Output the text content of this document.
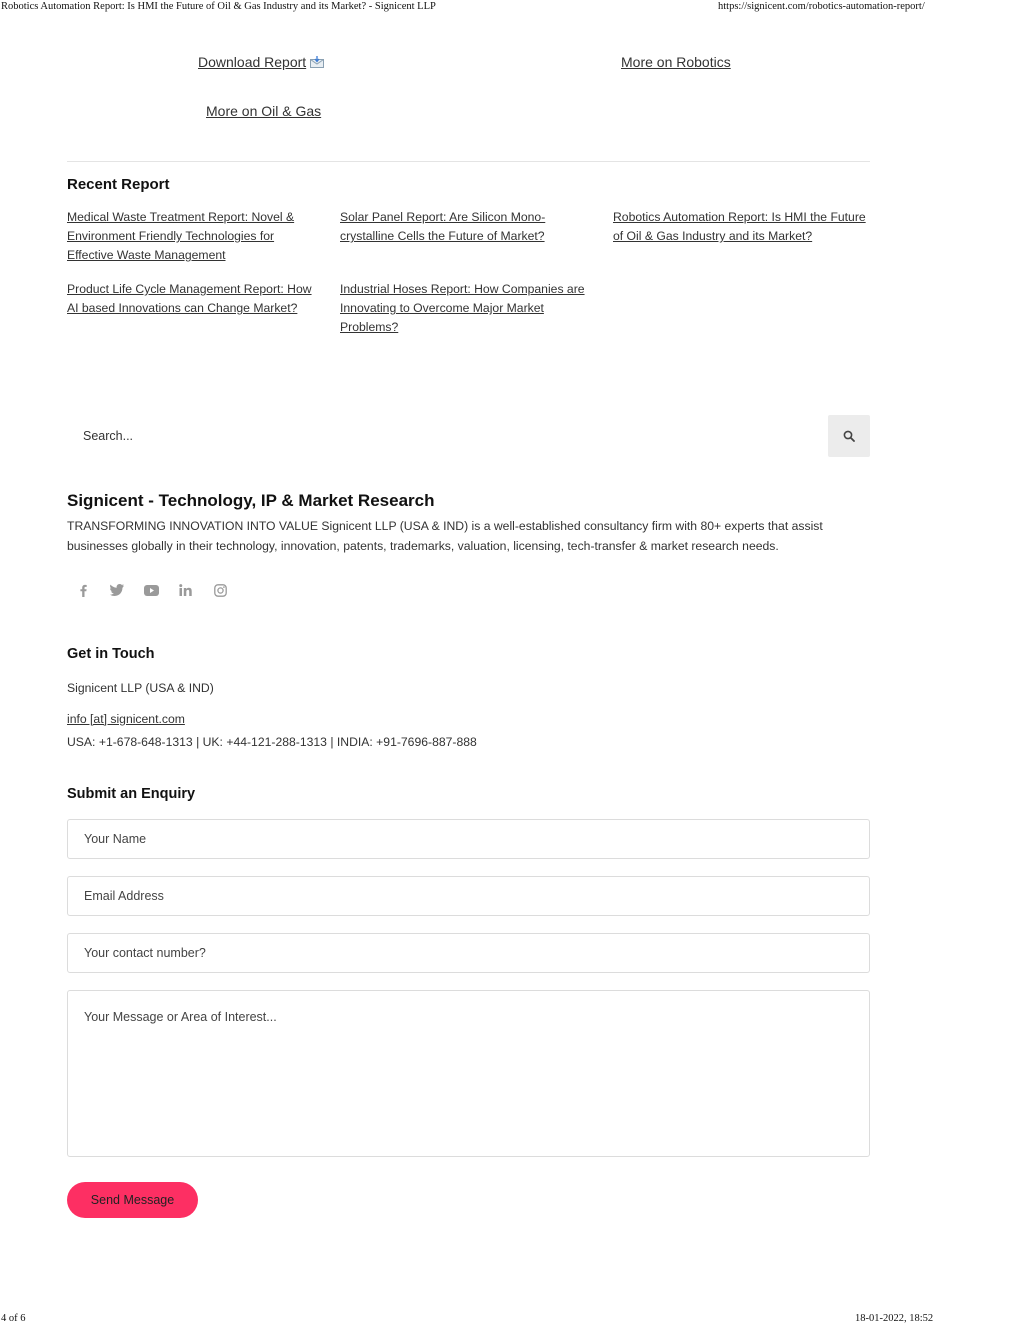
Robotics Automation Report: Is HMI the Future of Oil & Gas Industry and its Market? - Signicent LLP	https://signicent.com/robotics-automation-report/
Download Report	More on Robotics
More on Oil & Gas
Recent Report
Medical Waste Treatment Report: Novel & Environment Friendly Technologies for Effective Waste Management
Solar Panel Report: Are Silicon Mono-crystalline Cells the Future of Market?
Robotics Automation Report: Is HMI the Future of Oil & Gas Industry and its Market?
Product Life Cycle Management Report: How AI based Innovations can Change Market?
Industrial Hoses Report: How Companies are Innovating to Overcome Major Market Problems?
Search...
Signicent - Technology, IP & Market Research
TRANSFORMING INNOVATION INTO VALUE Signicent LLP (USA & IND) is a well-established consultancy firm with 80+ experts that assist businesses globally in their technology, innovation, patents, trademarks, valuation, licensing, tech-transfer & market research needs.
Get in Touch
Signicent LLP (USA & IND)
info [at] signicent.com
USA: +1-678-648-1313 | UK: +44-121-288-1313 | INDIA: +91-7696-887-888
Submit an Enquiry
Your Name
Email Address
Your contact number?
Your Message or Area of Interest...
Send Message
4 of 6	18-01-2022, 18:52
